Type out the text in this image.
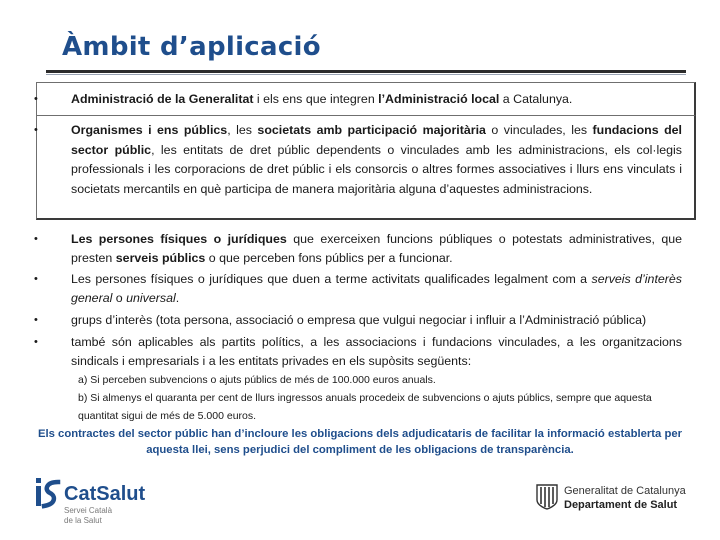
Àmbit d’aplicació
•	Administració de la Generalitat i els ens que integren l’Administració local a Catalunya.
•	Organismes i ens públics, les societats amb participació majoritària o vinculades, les fundacions del sector públic, les entitats de dret públic dependents o vinculades amb les administracions, els col·legis professionals i les corporacions de dret públic i els consorcis o altres formes associatives i llurs ens vinculats i societats mercantils en què participa de manera majoritària alguna d’aquestes administracions.
•	Les persones físiques o jurídiques que exerceixen funcions públiques o potestats administratives, que presten serveis públics o que perceben fons públics per a funcionar.
•	Les persones físiques o jurídiques que duen a terme activitats qualificades legalment com a serveis d’interès general o universal.
•	grups d’interès (tota persona, associació o empresa que vulgui negociar i influir a l’Administració pública)
•	també són aplicables als partits polítics, a les associacions i fundacions vinculades, a les organitzacions sindicals i empresarials i a les entitats privades en els supòsits següents:
a) Si perceben subvencions o ajuts públics de més de 100.000 euros anuals.
b) Si almenys el quaranta per cent de llurs ingressos anuals procedeix de subvencions o ajuts públics, sempre que aquesta quantitat sigui de més de 5.000 euros.
Els contractes del sector públic han d’incloure les obligacions dels adjudicataris de facilitar la informació establerta per aquesta llei, sens perjudici del compliment de les obligacions de transparència.
CatSalut
Servei Català
de la Salut
Generalitat de Catalunya
Departament de Salut
